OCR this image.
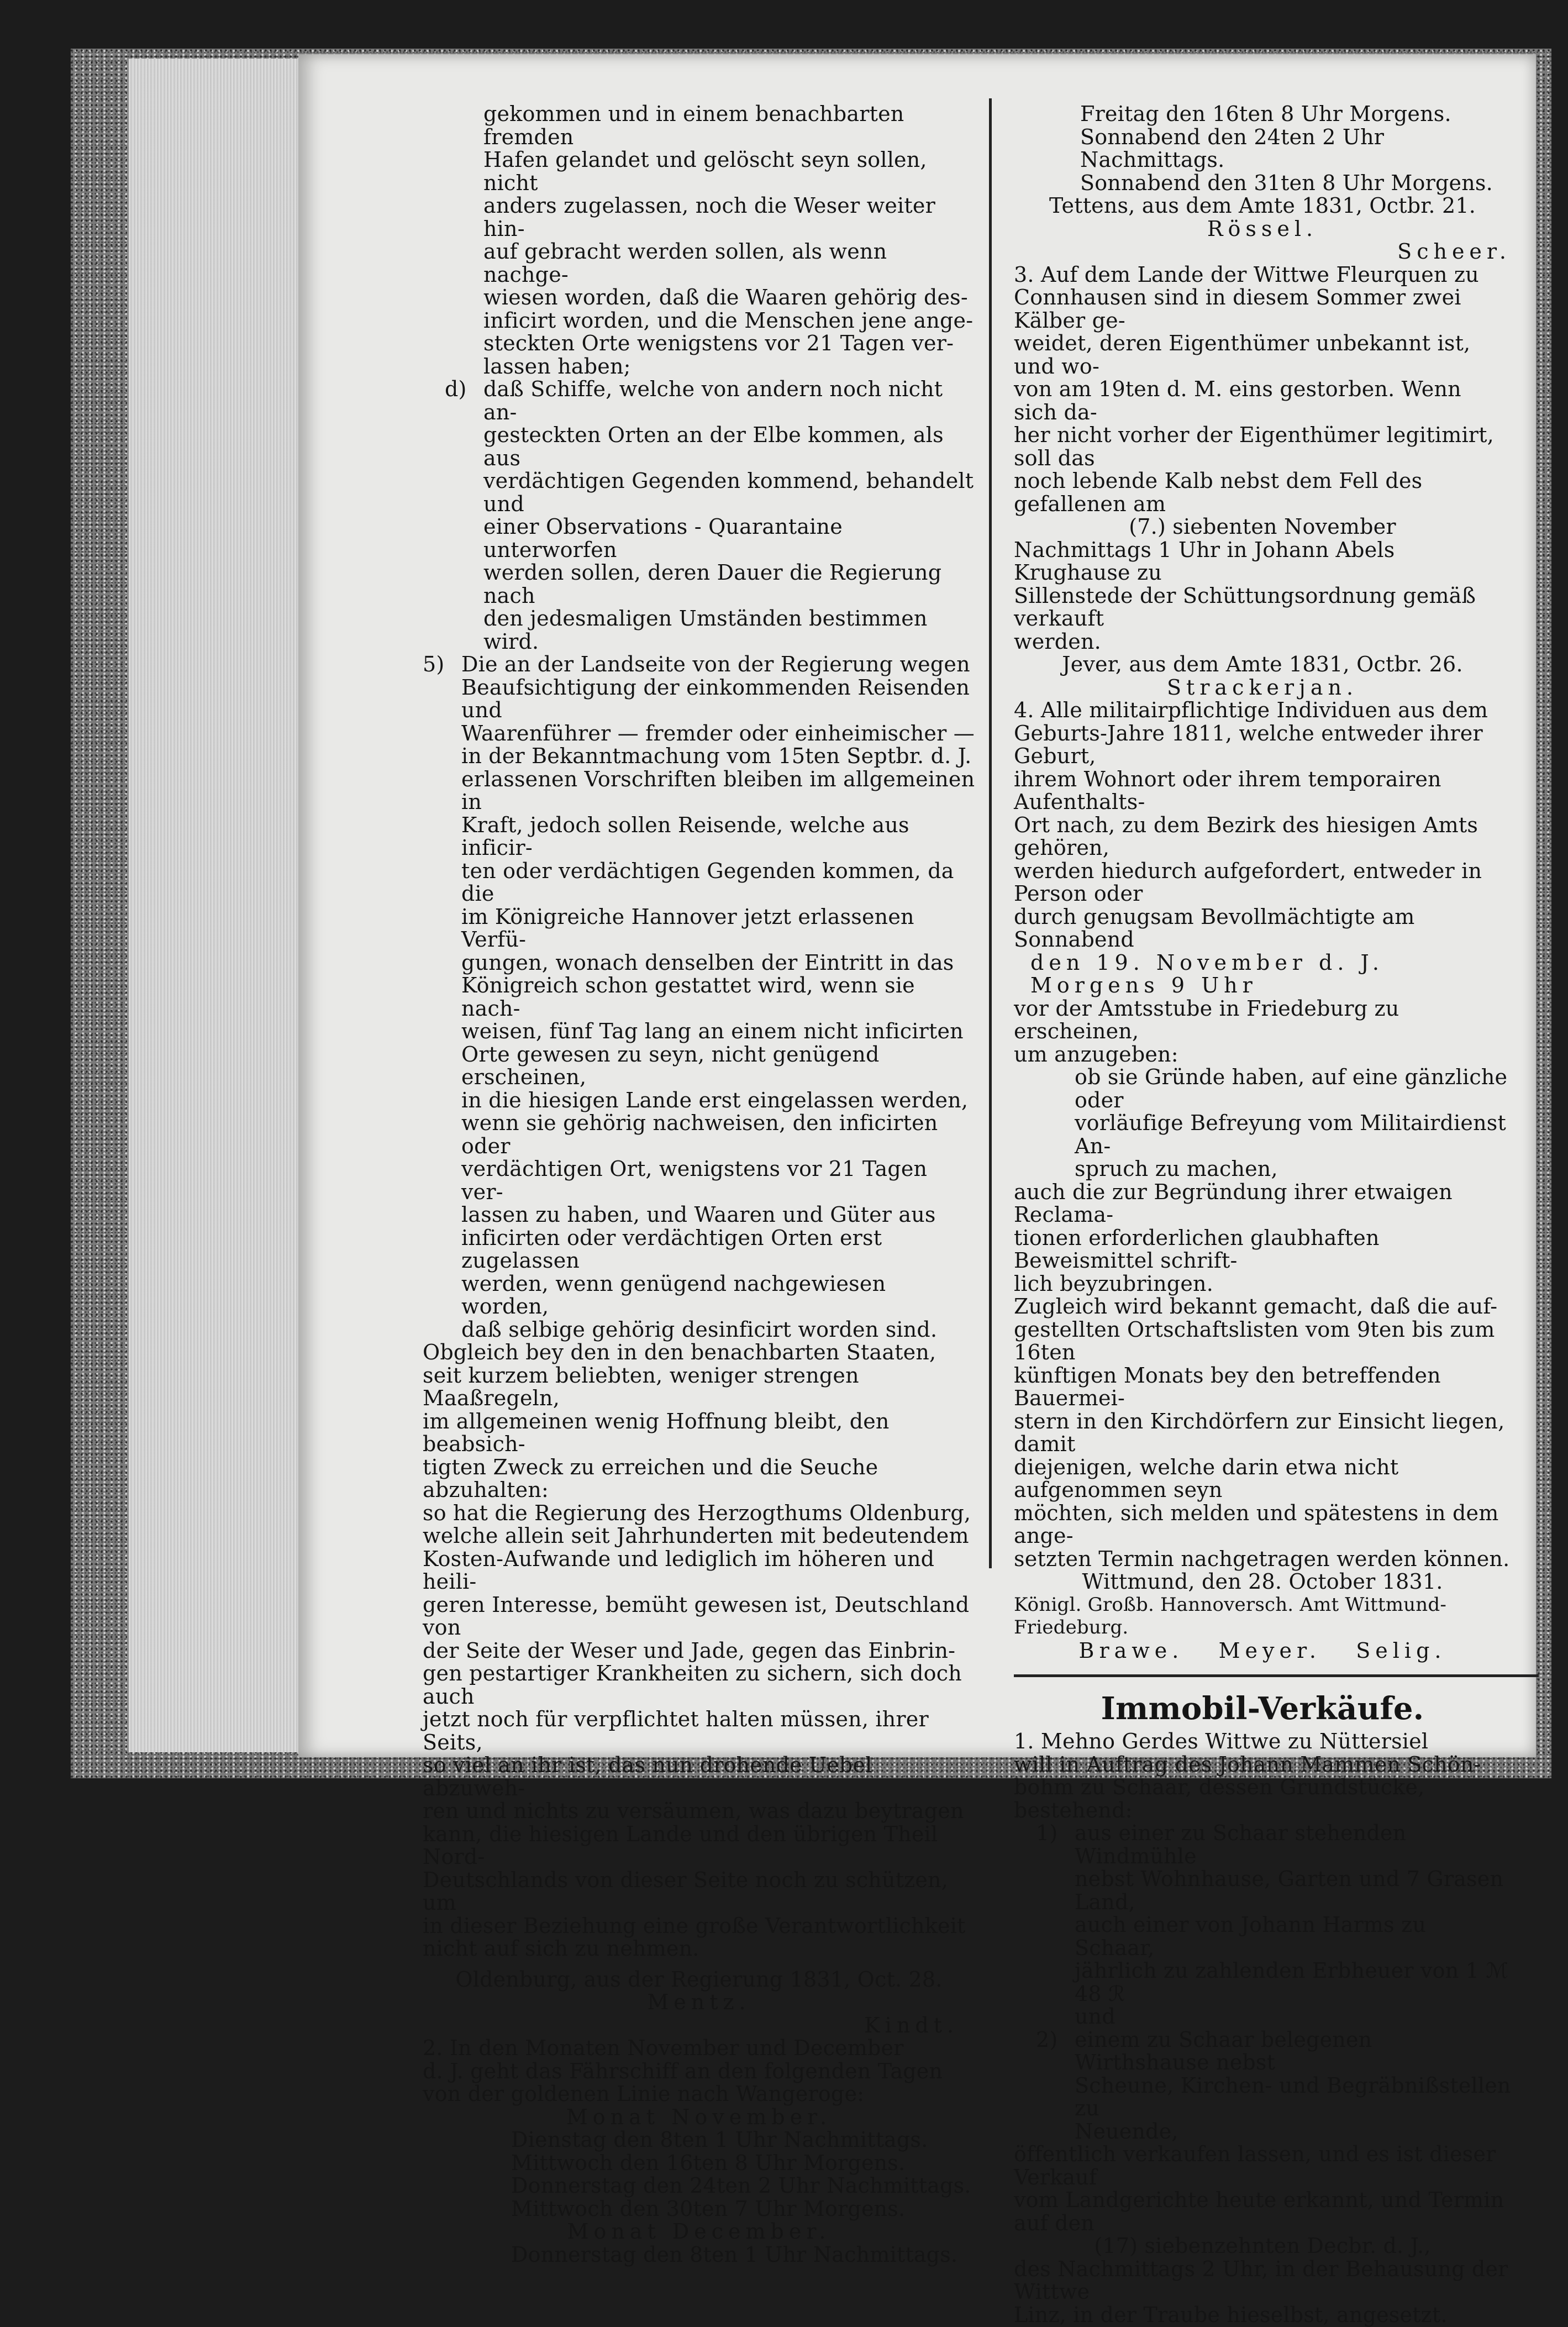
gekommen und in einem benachbarten fremden
Hafen gelandet und gelöscht seyn sollen, nicht
anders zugelassen, noch die Weser weiter hin-
auf gebracht werden sollen, als wenn nachge-
wiesen worden, daß die Waaren gehörig des-
inficirt worden, und die Menschen jene ange-
steckten Orte wenigstens vor 21 Tagen ver-
lassen haben;
d) daß Schiffe, welche von andern noch nicht an-
gesteckten Orten an der Elbe kommen, als aus
verdächtigen Gegenden kommend, behandelt und
einer Observations - Quarantaine unterworfen
werden sollen, deren Dauer die Regierung nach
den jedesmaligen Umständen bestimmen wird.
5) Die an der Landseite von der Regierung wegen
Beaufsichtigung der einkommenden Reisenden und
Waarenführer — fremder oder einheimischer —
in der Bekanntmachung vom 15ten Septbr. d. J.
erlassenen Vorschriften bleiben im allgemeinen in
Kraft, jedoch sollen Reisende, welche aus inficir-
ten oder verdächtigen Gegenden kommen, da die
im Königreiche Hannover jetzt erlassenen Verfü-
gungen, wonach denselben der Eintritt in das
Königreich schon gestattet wird, wenn sie nach-
weisen, fünf Tag lang an einem nicht inficirten
Orte gewesen zu seyn, nicht genügend erscheinen,
in die hiesigen Lande erst eingelassen werden,
wenn sie gehörig nachweisen, den inficirten oder
verdächtigen Ort, wenigstens vor 21 Tagen ver-
lassen zu haben, und Waaren und Güter aus
inficirten oder verdächtigen Orten erst zugelassen
werden, wenn genügend nachgewiesen worden,
daß selbige gehörig desinficirt worden sind.
Obgleich bey den in den benachbarten Staaten,
seit kurzem beliebten, weniger strengen Maaßregeln,
im allgemeinen wenig Hoffnung bleibt, den beabsich-
tigten Zweck zu erreichen und die Seuche abzuhalten:
so hat die Regierung des Herzogthums Oldenburg,
welche allein seit Jahrhunderten mit bedeutendem
Kosten-Aufwande und lediglich im höheren und heili-
geren Interesse, bemüht gewesen ist, Deutschland von
der Seite der Weser und Jade, gegen das Einbrin-
gen pestartiger Krankheiten zu sichern, sich doch auch
jetzt noch für verpflichtet halten müssen, ihrer Seits,
so viel an ihr ist, das nun drohende Uebel abzuweh-
ren und nichts zu versäumen, was dazu beytragen
kann, die hiesigen Lande und den übrigen Theil Nord-
Deutschlands von dieser Seite noch zu schützen, um
in dieser Beziehung eine große Verantwortlichkeit
nicht auf sich zu nehmen.

Oldenburg, aus der Regierung 1831, Oct. 28.

Mentz.

Kindt.

2. In den Monaten November und December
d. J. geht das Fährschiff an den folgenden Tagen
von der goldenen Linie nach Wangeroge:

Monat November.

Dienstag den 8ten 1 Uhr Nachmittags.
Mittwoch den 16ten 8 Uhr Morgens.
Donnerstag den 24ten 2 Uhr Nachmittags.
Mittwoch den 30ten 7 Uhr Morgens.

Monat December.

Donnerstag den 8ten 1 Uhr Nachmittags.
Freitag den 16ten 8 Uhr Morgens.
Sonnabend den 24ten 2 Uhr Nachmittags.
Sonnabend den 31ten 8 Uhr Morgens.

Tettens, aus dem Amte 1831, Octbr. 21.

Rössel.

Scheer.

3. Auf dem Lande der Wittwe Fleurquen zu
Connhausen sind in diesem Sommer zwei Kälber ge-
weidet, deren Eigenthümer unbekannt ist, und wo-
von am 19ten d. M. eins gestorben. Wenn sich da-
her nicht vorher der Eigenthümer legitimirt, soll das
noch lebende Kalb nebst dem Fell des gefallenen am

(7.) siebenten November

Nachmittags 1 Uhr in Johann Abels Krughause zu
Sillenstede der Schüttungsordnung gemäß verkauft
werden.

Jever, aus dem Amte 1831, Octbr. 26.

Strackerjan.

4. Alle militairpflichtige Individuen aus dem
Geburts-Jahre 1811, welche entweder ihrer Geburt,
ihrem Wohnort oder ihrem temporairen Aufenthalts-
Ort nach, zu dem Bezirk des hiesigen Amts gehören,
werden hiedurch aufgefordert, entweder in Person oder
durch genugsam Bevollmächtigte am Sonnabend

den 19. November d. J. Morgens 9 Uhr

vor der Amtsstube in Friedeburg zu erscheinen,
um anzugeben:
ob sie Gründe haben, auf eine gänzliche oder
vorläufige Befreyung vom Militairdienst An-
spruch zu machen,
auch die zur Begründung ihrer etwaigen Reclama-
tionen erforderlichen glaubhaften Beweismittel schrift-
lich beyzubringen.
Zugleich wird bekannt gemacht, daß die auf-
gestellten Ortschaftslisten vom 9ten bis zum 16ten
künftigen Monats bey den betreffenden Bauermei-
stern in den Kirchdörfern zur Einsicht liegen, damit
diejenigen, welche darin etwa nicht aufgenommen seyn
möchten, sich melden und spätestens in dem ange-
setzten Termin nachgetragen werden können.

Wittmund, den 28. October 1831.

Königl. Großb. Hannoversch. Amt Wittmund-Friedeburg.

Brawe.   Meyer.   Selig.

Immobil-Verkäufe.

1. Mehno Gerdes Wittwe zu Nüttersiel
will in Auftrag des Johann Mammen Schön-
bohm zu Schaar, dessen Grundstücke, bestehend:
1) aus einer zu Schaar stehenden Windmühle
nebst Wohnhause, Garten und 7 Grasen Land,
auch einer von Johann Harms zu Schaar,
jährlich zu zahlenden Erbheuer von 1 ℳ 48 ℛ
und
2) einem zu Schaar belegenen Wirthshause nebst
Scheune, Kirchen- und Begräbnißstellen zu
Neuende,
öffentlich verkaufen lassen, und es ist dieser Verkauf
vom Landgerichte heute erkannt, und Termin auf den

(17) siebenzehnten Decbr. d. J.,

des Nachmittags 2 Uhr, in der Behausung der Wittwe
Linz, in der Traube hieselbst, angesetzt.
